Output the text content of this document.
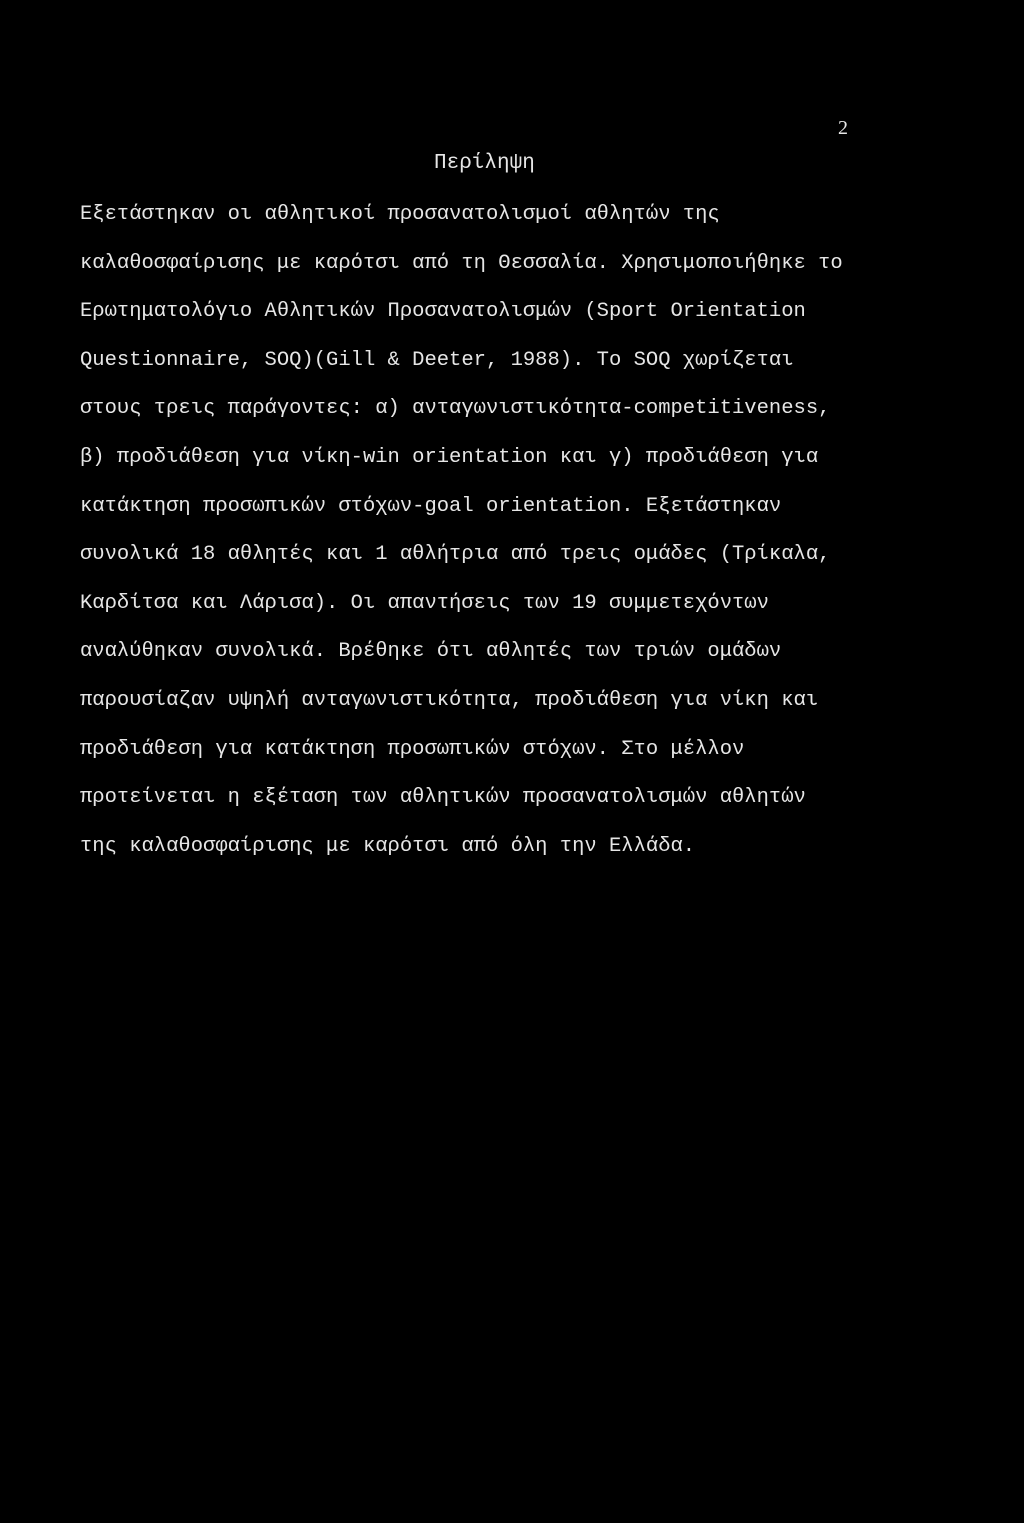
2
Περίληψη
Εξετάστηκαν οι αθλητικοί προσανατολισμοί αθλητών της
καλαθοσφαίρισης με καρότσι από τη Θεσσαλία. Χρησιμοποιήθηκε το
Ερωτηματολόγιο Αθλητικών Προσανατολισμών (Sport Orientation
Questionnaire, SOQ)(Gill & Deeter, 1988). To SOQ χωρίζεται
στους τρεις παράγοντες: α) ανταγωνιστικότητα-competitiveness,
β) προδιάθεση για νίκη-win orientation και γ) προδιάθεση για
κατάκτηση προσωπικών στόχων-goal orientation. Εξετάστηκαν
συνολικά 18 αθλητές και 1 αθλήτρια από τρεις ομάδες (Τρίκαλα,
Καρδίτσα και Λάρισα). Οι απαντήσεις των 19 συμμετεχόντων
αναλύθηκαν συνολικά. Βρέθηκε ότι αθλητές των τριών ομάδων
παρουσίαζαν υψηλή ανταγωνιστικότητα, προδιάθεση για νίκη και
προδιάθεση για κατάκτηση προσωπικών στόχων. Στο μέλλον
προτείνεται η εξέταση των αθλητικών προσανατολισμών αθλητών
της καλαθοσφαίρισης με καρότσι από όλη την Ελλάδα.
